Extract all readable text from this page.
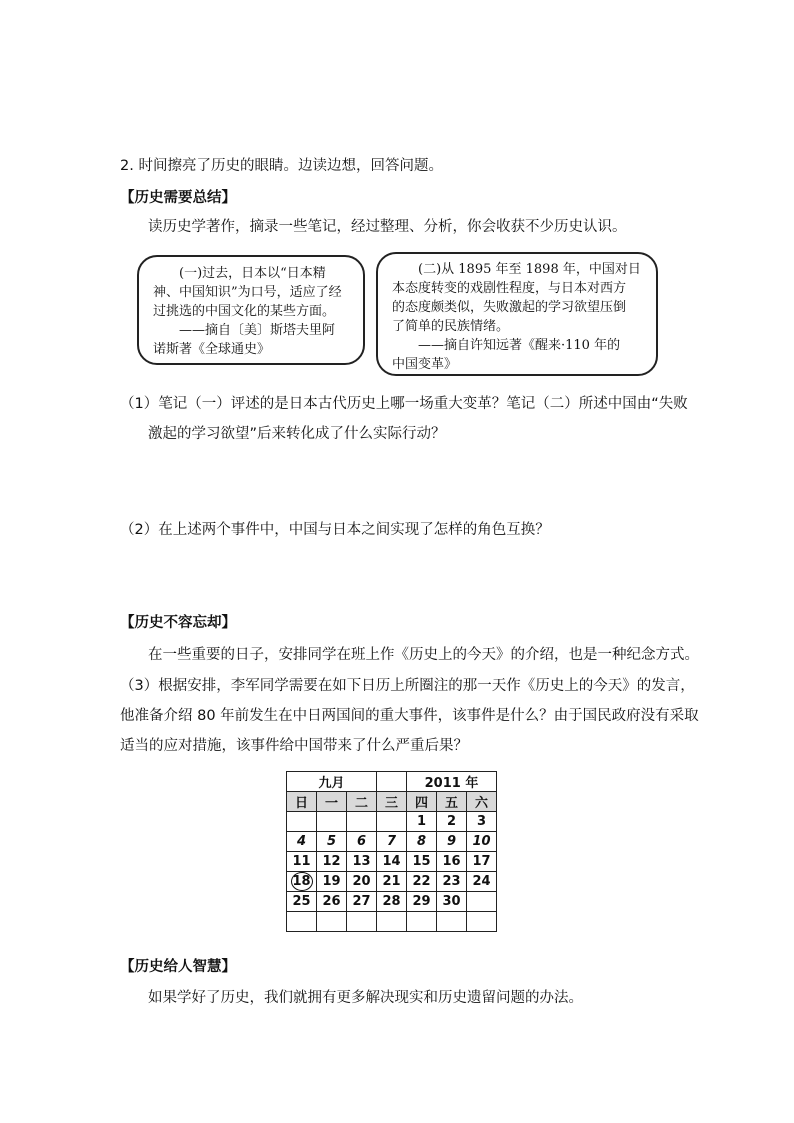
2. 时间擦亮了历史的眼睛。边读边想，回答问题。
【历史需要总结】
读历史学著作，摘录一些笔记，经过整理、分析，你会收获不少历史认识。
(一)过去，日本以“日本精
神、中国知识”为口号，适应了经
过挑选的中国文化的某些方面。
——摘自〔美〕斯塔夫里阿
诺斯著《全球通史》
(二)从 1895 年至 1898 年，中国对日
本态度转变的戏剧性程度，与日本对西方
的态度颇类似，失败激起的学习欲望压倒
了简单的民族情绪。
——摘自许知远著《醒来·110 年的
中国变革》
（1）笔记（一）评述的是日本古代历史上哪一场重大变革？笔记（二）所述中国由“失败
激起的学习欲望”后来转化成了什么实际行动？
（2）在上述两个事件中，中国与日本之间实现了怎样的角色互换？
【历史不容忘却】
在一些重要的日子，安排同学在班上作《历史上的今天》的介绍，也是一种纪念方式。
（3）根据安排，李军同学需要在如下日历上所圈注的那一天作《历史上的今天》的发言，
他准备介绍 80 年前发生在中日两国间的重大事件，该事件是什么？由于国民政府没有采取
适当的应对措施，该事件给中国带来了什么严重后果？
九月				2011 年		
日	一	二	三	四	五	六
				1	2	3
4	5	6	7	8	9	10
11	12	13	14	15	16	17
18	19	20	21	22	23	24
25	26	27	28	29	30	

【历史给人智慧】
如果学好了历史，我们就拥有更多解决现实和历史遗留问题的办法。
